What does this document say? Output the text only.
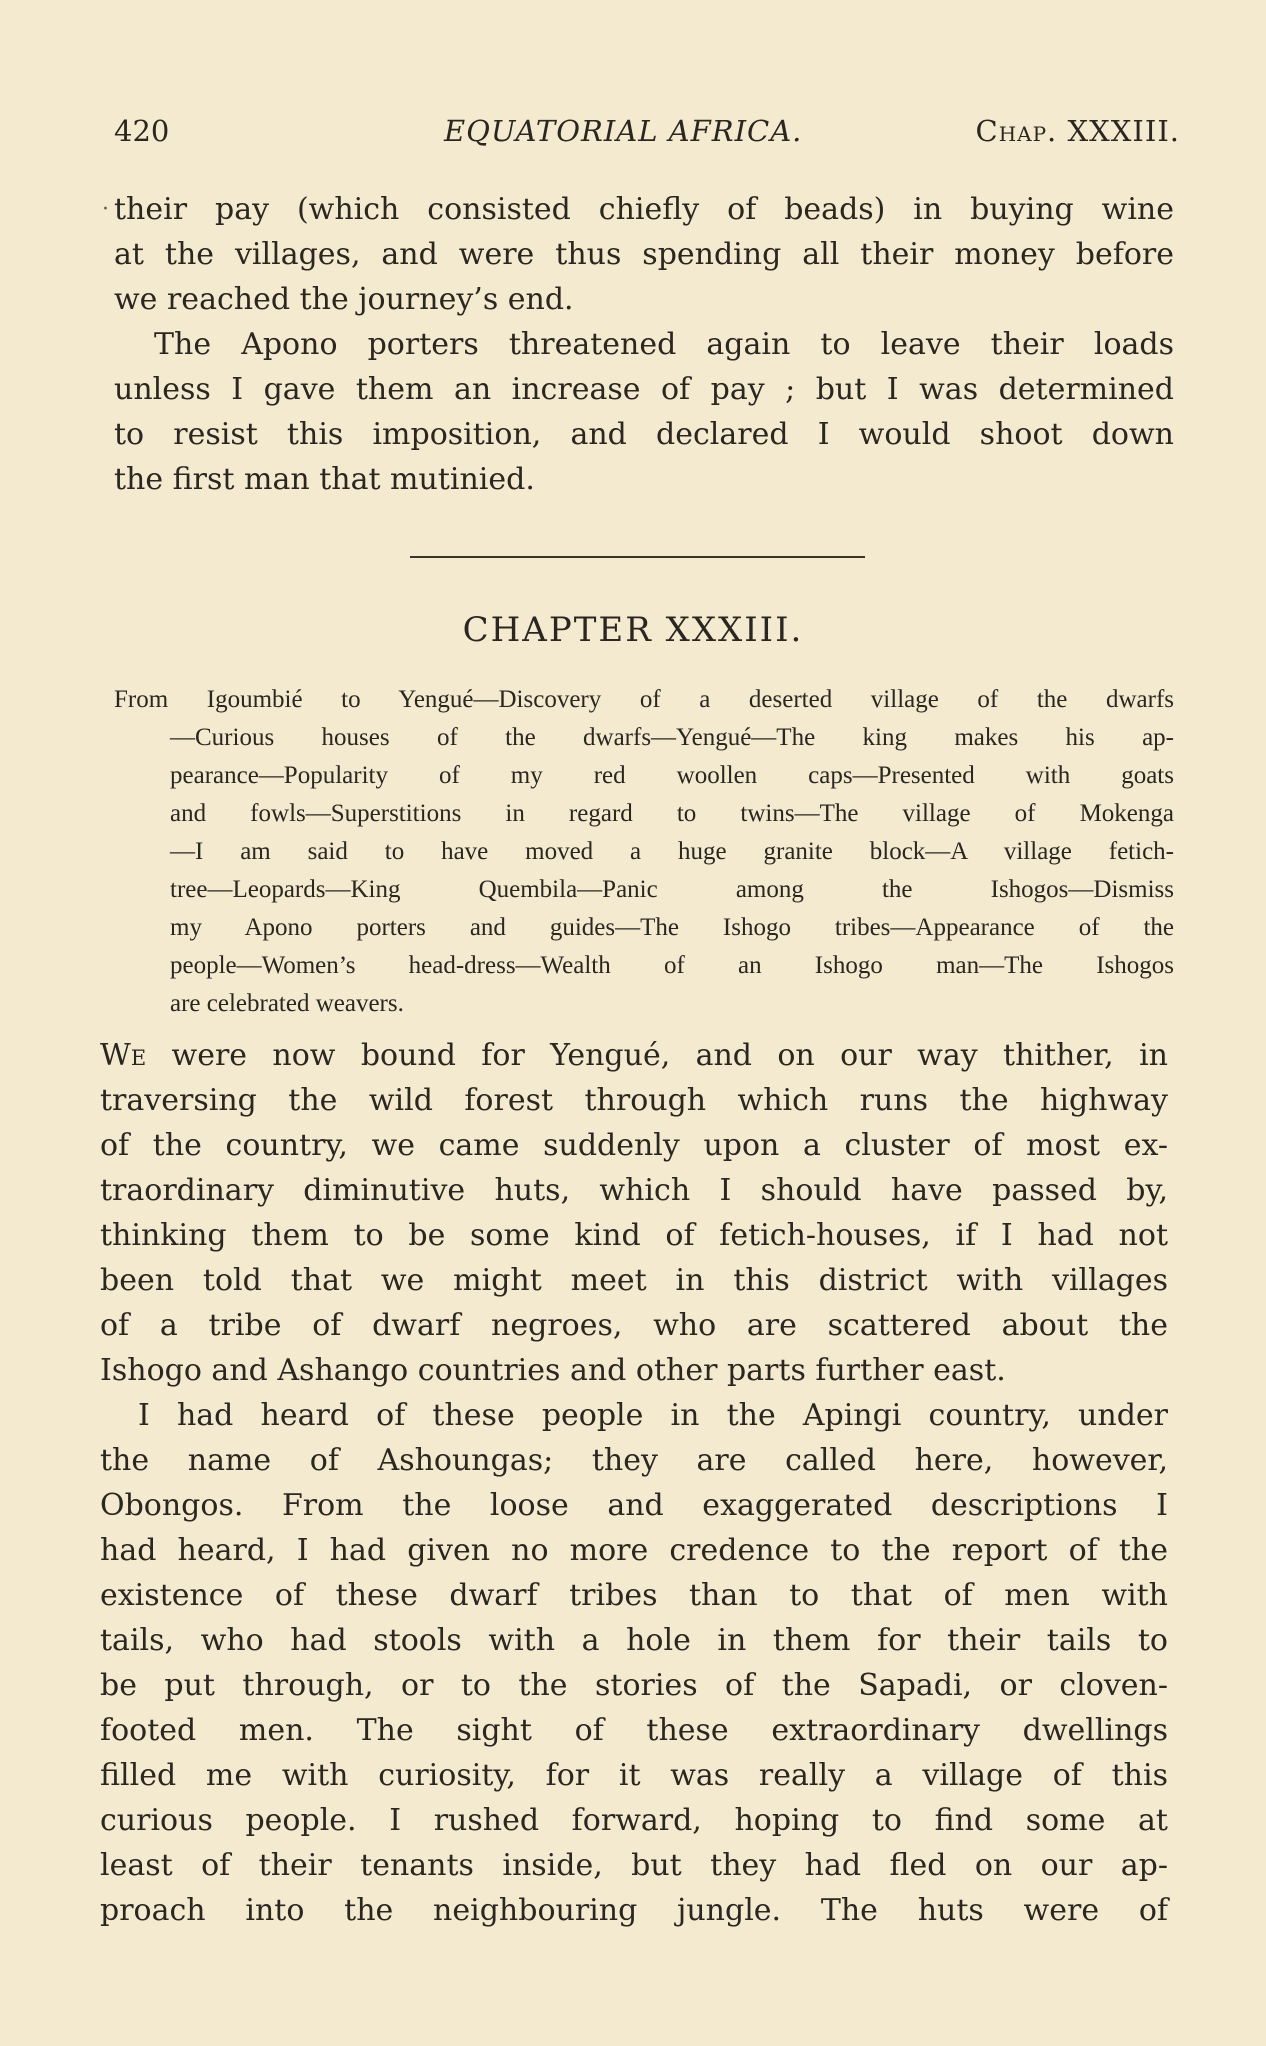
420	EQUATORIAL AFRICA.	Chap. XXXIII.
· their pay (which consisted chiefly of beads) in buying wine
at the villages, and were thus spending all their money before
we reached the journey’s end.
The Apono porters threatened again to leave their loads
unless I gave them an increase of pay ; but I was determined
to resist this imposition, and declared I would shoot down
the first man that mutinied.
CHAPTER XXXIII.
From Igoumbié to Yengué—Discovery of a deserted village of the dwarfs
—Curious houses of the dwarfs—Yengué—The king makes his ap-
pearance—Popularity of my red woollen caps—Presented with goats
and fowls—Superstitions in regard to twins—The village of Mokenga
—I am said to have moved a huge granite block—A village fetich-
tree—Leopards—King Quembila—Panic among the Ishogos—Dismiss
my Apono porters and guides—The Ishogo tribes—Appearance of the
people—Women’s head-dress—Wealth of an Ishogo man—The Ishogos
are celebrated weavers.
We were now bound for Yengué, and on our way thither, in
traversing the wild forest through which runs the highway
of the country, we came suddenly upon a cluster of most ex-
traordinary diminutive huts, which I should have passed by,
thinking them to be some kind of fetich-houses, if I had not
been told that we might meet in this district with villages
of a tribe of dwarf negroes, who are scattered about the
Ishogo and Ashango countries and other parts further east.
I had heard of these people in the Apingi country, under
the name of Ashoungas; they are called here, however,
Obongos. From the loose and exaggerated descriptions I
had heard, I had given no more credence to the report of the
existence of these dwarf tribes than to that of men with
tails, who had stools with a hole in them for their tails to
be put through, or to the stories of the Sapadi, or cloven-
footed men. The sight of these extraordinary dwellings
filled me with curiosity, for it was really a village of this
curious people. I rushed forward, hoping to find some at
least of their tenants inside, but they had fled on our ap-
proach into the neighbouring jungle. The huts were of
